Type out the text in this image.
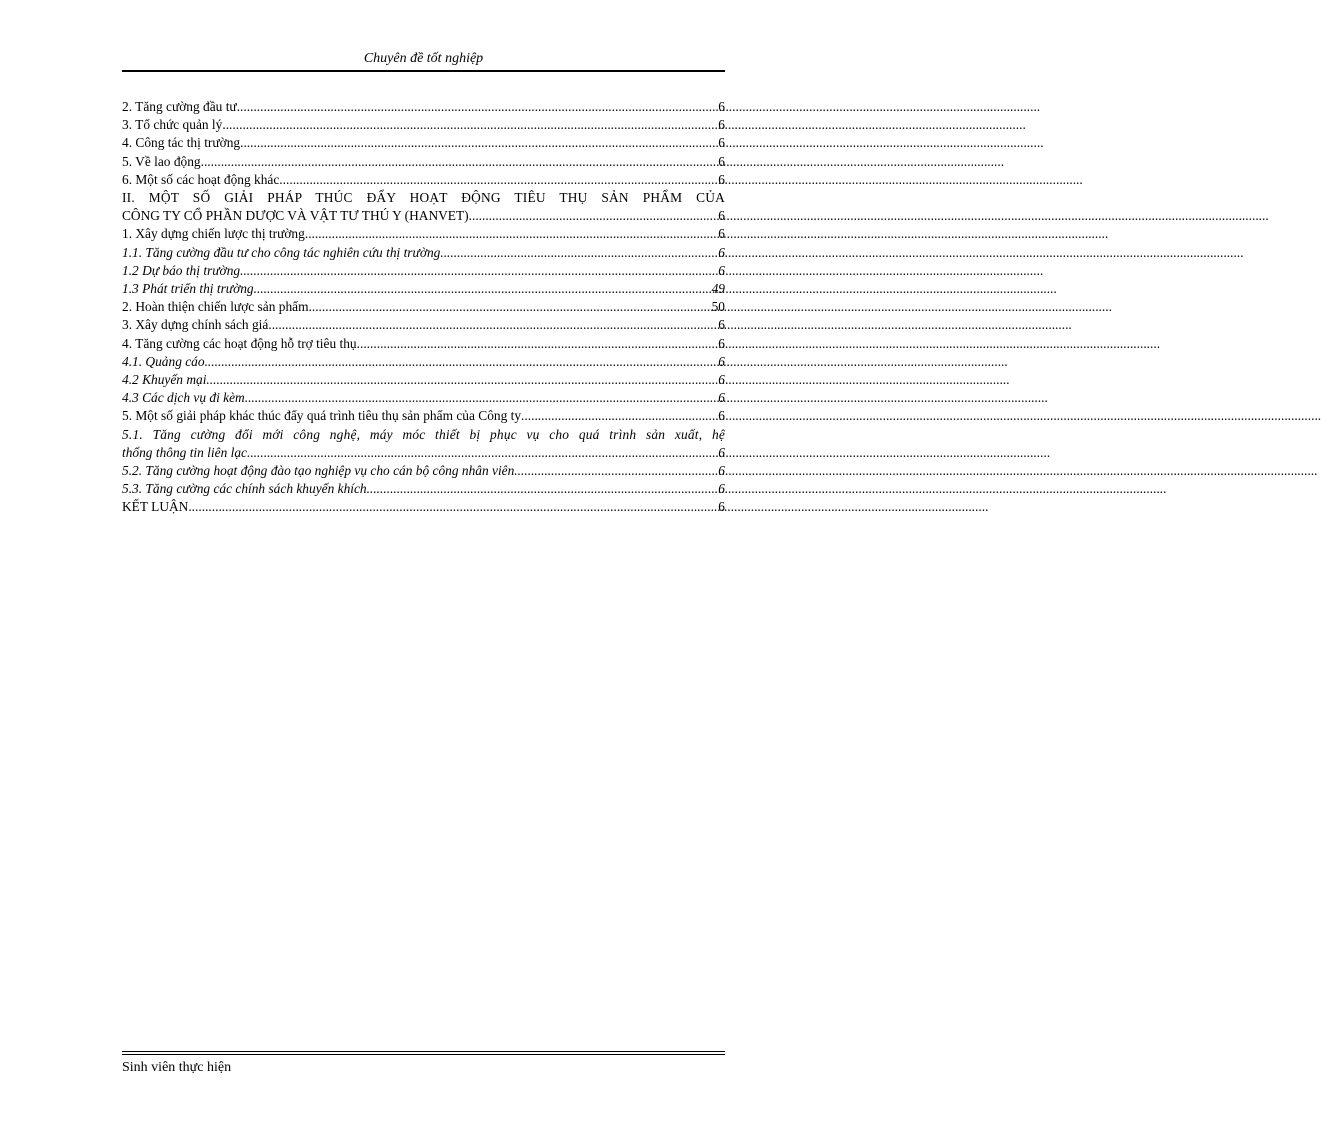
Chuyên đề tốt nghiệp
2. Tăng cường đầu tư. .....	6
3. Tổ chức quản lý. .....	6
4. Công tác thị trường. .....	6
5. Về lao động. .....	6
6. Một số các hoạt động khác. .....	6
II. MỘT SỐ GIẢI PHÁP THÚC ĐẨY HOẠT ĐỘNG TIÊU THỤ SẢN PHẨM CỦA
CÔNG TY CỔ PHẦN DƯỢC VÀ VẬT TƯ THÚ Y (HANVET) .....	6
1. Xây dựng chiến lược thị trường. .....	6
1.1. Tăng cường đầu tư cho công tác nghiên cứu thị trường. .....	6
1.2 Dự báo thị trường. .....	6
1.3 Phát triển thị trường. .....	49
2. Hoàn thiện chiến lược sản phẩm. .....	50
3. Xây dựng chính sách giá. .....	6
4. Tăng cường các hoạt động hỗ trợ tiêu thụ. .....	6
4.1. Quảng cáo. .....	6
4.2 Khuyến mại. .....	6
4.3 Các dịch vụ đi kèm. .....	6
5. Một số giải pháp khác thúc đẩy quá trình tiêu thụ sản phẩm của Công ty .....	6
5.1. Tăng cường đổi mới công nghệ, máy móc thiết bị phục vụ cho quá trình sản xuất, hệ
thống thông tin liên lạc. .....	6
5.2. Tăng cường hoạt động đào tạo nghiệp vụ cho cán bộ công nhân viên. .....	6
5.3. Tăng cường các chính sách khuyến khích .....	6
KẾT LUẬN .....	6
Sinh viên thực hiện
